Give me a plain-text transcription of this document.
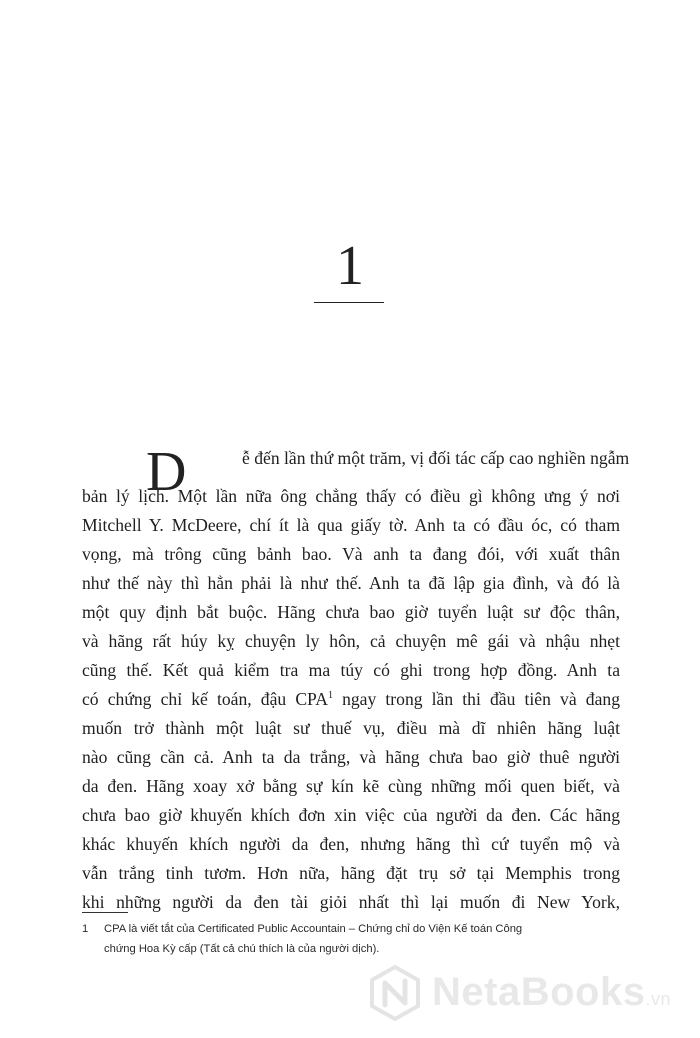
1
D	ễ đến lần thứ một trăm, vị đối tác cấp cao nghiền ngẫm
bản lý lịch. Một lần nữa ông chẳng thấy có điều gì không ưng ý nơi
Mitchell Y. McDeere, chí ít là qua giấy tờ. Anh ta có đầu óc, có tham
vọng, mà trông cũng bảnh bao. Và anh ta đang đói, với xuất thân
như thế này thì hẳn phải là như thế. Anh ta đã lập gia đình, và đó là
một quy định bắt buộc. Hãng chưa bao giờ tuyển luật sư độc thân,
và hãng rất húy kỵ chuyện ly hôn, cả chuyện mê gái và nhậu nhẹt
cũng thế. Kết quả kiểm tra ma túy có ghi trong hợp đồng. Anh ta
có chứng chỉ kế toán, đậu CPA$^1$ ngay trong lần thi đầu tiên và đang
muốn trở thành một luật sư thuế vụ, điều mà dĩ nhiên hãng luật
nào cũng cần cả. Anh ta da trắng, và hãng chưa bao giờ thuê người
da đen. Hãng xoay xở bằng sự kín kẽ cùng những mối quen biết, và
chưa bao giờ khuyến khích đơn xin việc của người da đen. Các hãng
khác khuyến khích người da đen, nhưng hãng thì cứ tuyển mộ và
vẫn trắng tinh tươm. Hơn nữa, hãng đặt trụ sở tại Memphis trong
khi những người da đen tài giỏi nhất thì lại muốn đi New York,
1	CPA là viết tắt của Certificated Public Accountain – Chứng chỉ do Viện Kế toán Công
chứng Hoa Kỳ cấp (Tất cả chú thích là của người dịch).
NetaBooks.vn
